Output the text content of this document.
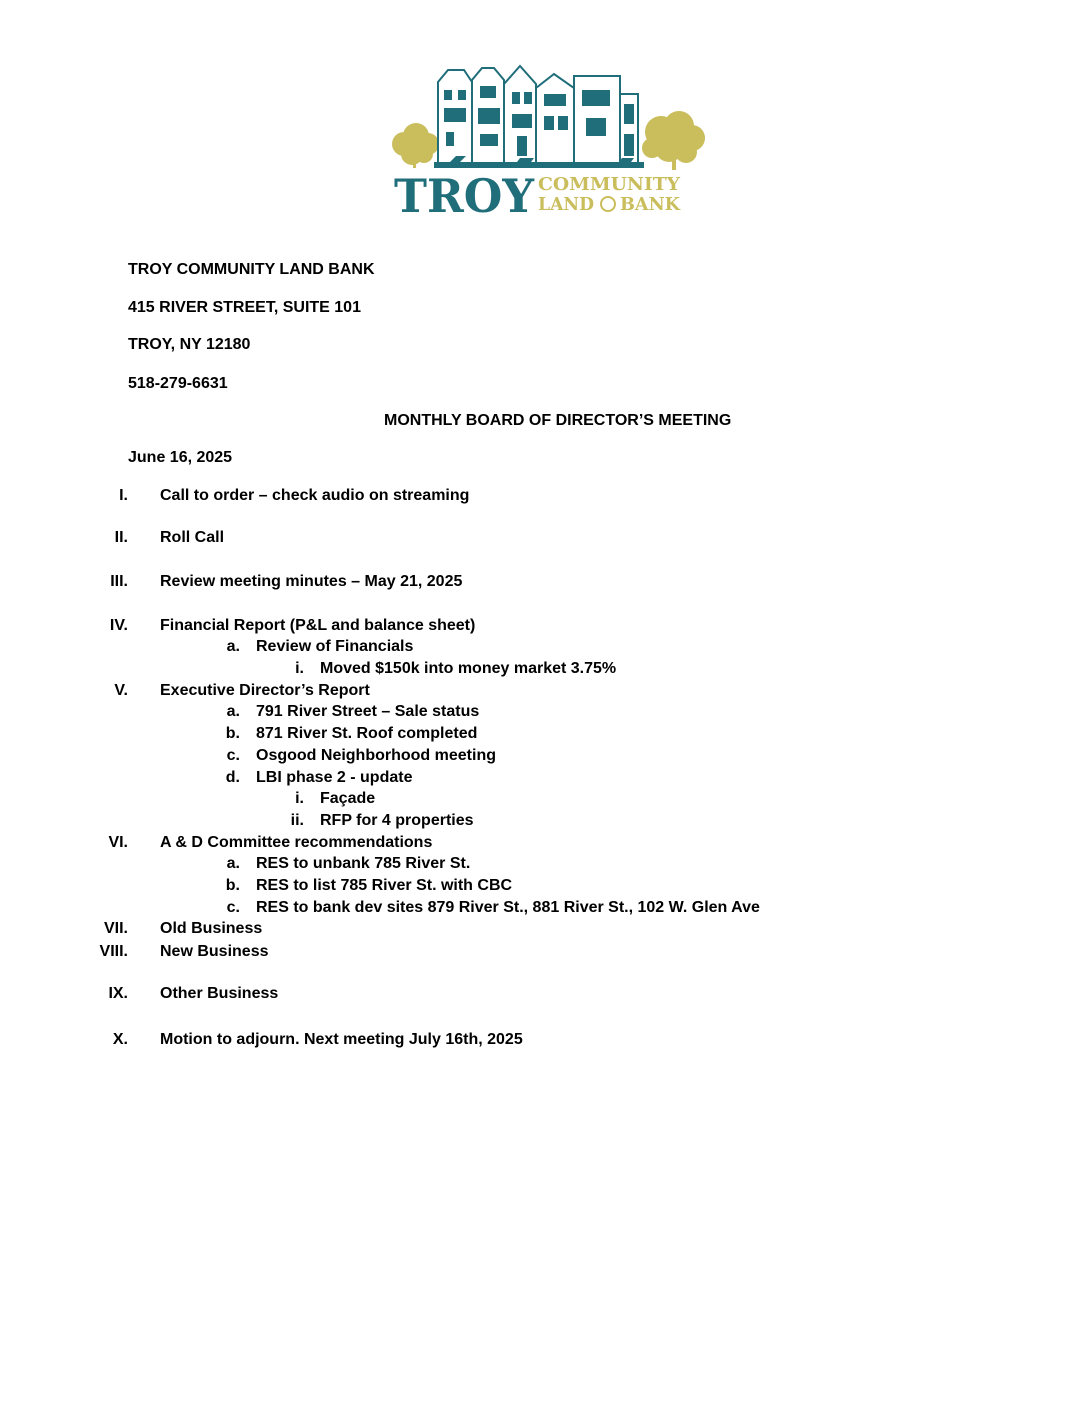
TROY COMMUNITY
LAND BANK
TROY COMMUNITY LAND BANK
415 RIVER STREET, SUITE 101
TROY, NY 12180
518-279-6631
MONTHLY BOARD OF DIRECTOR’S MEETING
June 16, 2025
I. Call to order – check audio on streaming
II. Roll Call
III. Review meeting minutes – May 21, 2025
IV. Financial Report (P&L and balance sheet)
a. Review of Financials
i. Moved $150k into money market 3.75%
V. Executive Director’s Report
a. 791 River Street – Sale status
b. 871 River St. Roof completed
c. Osgood Neighborhood meeting
d. LBI phase 2 - update
i. Façade
ii. RFP for 4 properties
VI. A & D Committee recommendations
a. RES to unbank 785 River St.
b. RES to list 785 River St. with CBC
c. RES to bank dev sites 879 River St., 881 River St., 102 W. Glen Ave
VII. Old Business
VIII. New Business
IX. Other Business
X. Motion to adjourn. Next meeting July 16th, 2025
